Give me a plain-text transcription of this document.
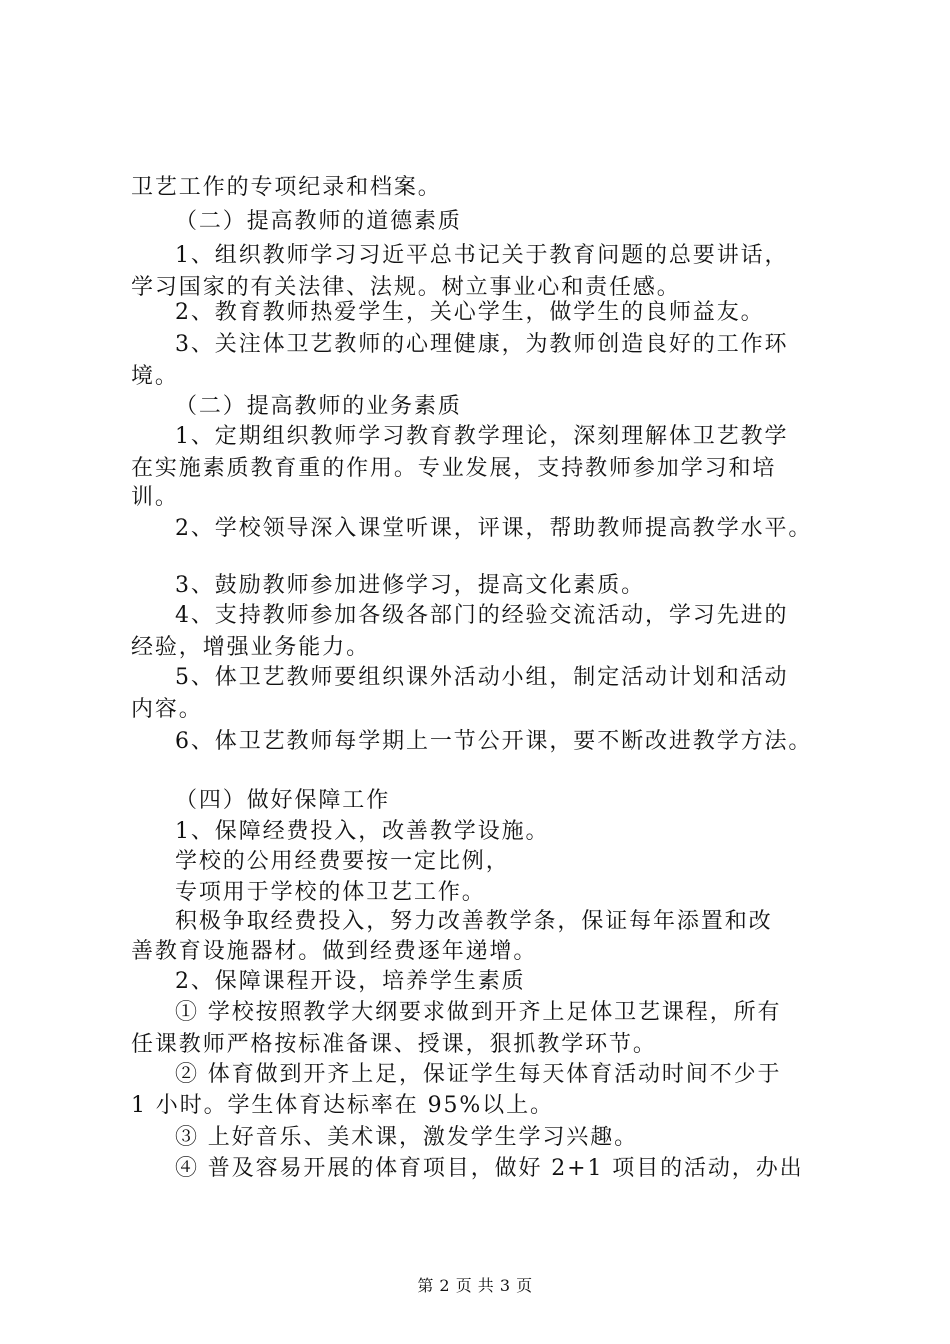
卫艺工作的专项纪录和档案。
（二）提高教师的道德素质
1、组织教师学习习近平总书记关于教育问题的总要讲话，
学习国家的有关法律、法规。树立事业心和责任感。
2、教育教师热爱学生，关心学生，做学生的良师益友。
3、关注体卫艺教师的心理健康，为教师创造良好的工作环
境。
（二）提高教师的业务素质
1、定期组织教师学习教育教学理论，深刻理解体卫艺教学
在实施素质教育重的作用。专业发展，支持教师参加学习和培
训。
2、学校领导深入课堂听课，评课，帮助教师提高教学水平。
3、鼓励教师参加进修学习，提高文化素质。
4、支持教师参加各级各部门的经验交流活动，学习先进的
经验，增强业务能力。
5、体卫艺教师要组织课外活动小组，制定活动计划和活动
内容。
6、体卫艺教师每学期上一节公开课，要不断改进教学方法。
（四）做好保障工作
1、保障经费投入，改善教学设施。
学校的公用经费要按一定比例，
专项用于学校的体卫艺工作。
积极争取经费投入，努力改善教学条，保证每年添置和改
善教育设施器材。做到经费逐年递增。
2、保障课程开设，培养学生素质
① 学校按照教学大纲要求做到开齐上足体卫艺课程，所有
任课教师严格按标准备课、授课，狠抓教学环节。
② 体育做到开齐上足，保证学生每天体育活动时间不少于
1 小时。学生体育达标率在 95%以上。
③ 上好音乐、美术课，激发学生学习兴趣。
④ 普及容易开展的体育项目，做好 2+1 项目的活动，办出
第 2 页 共 3 页
